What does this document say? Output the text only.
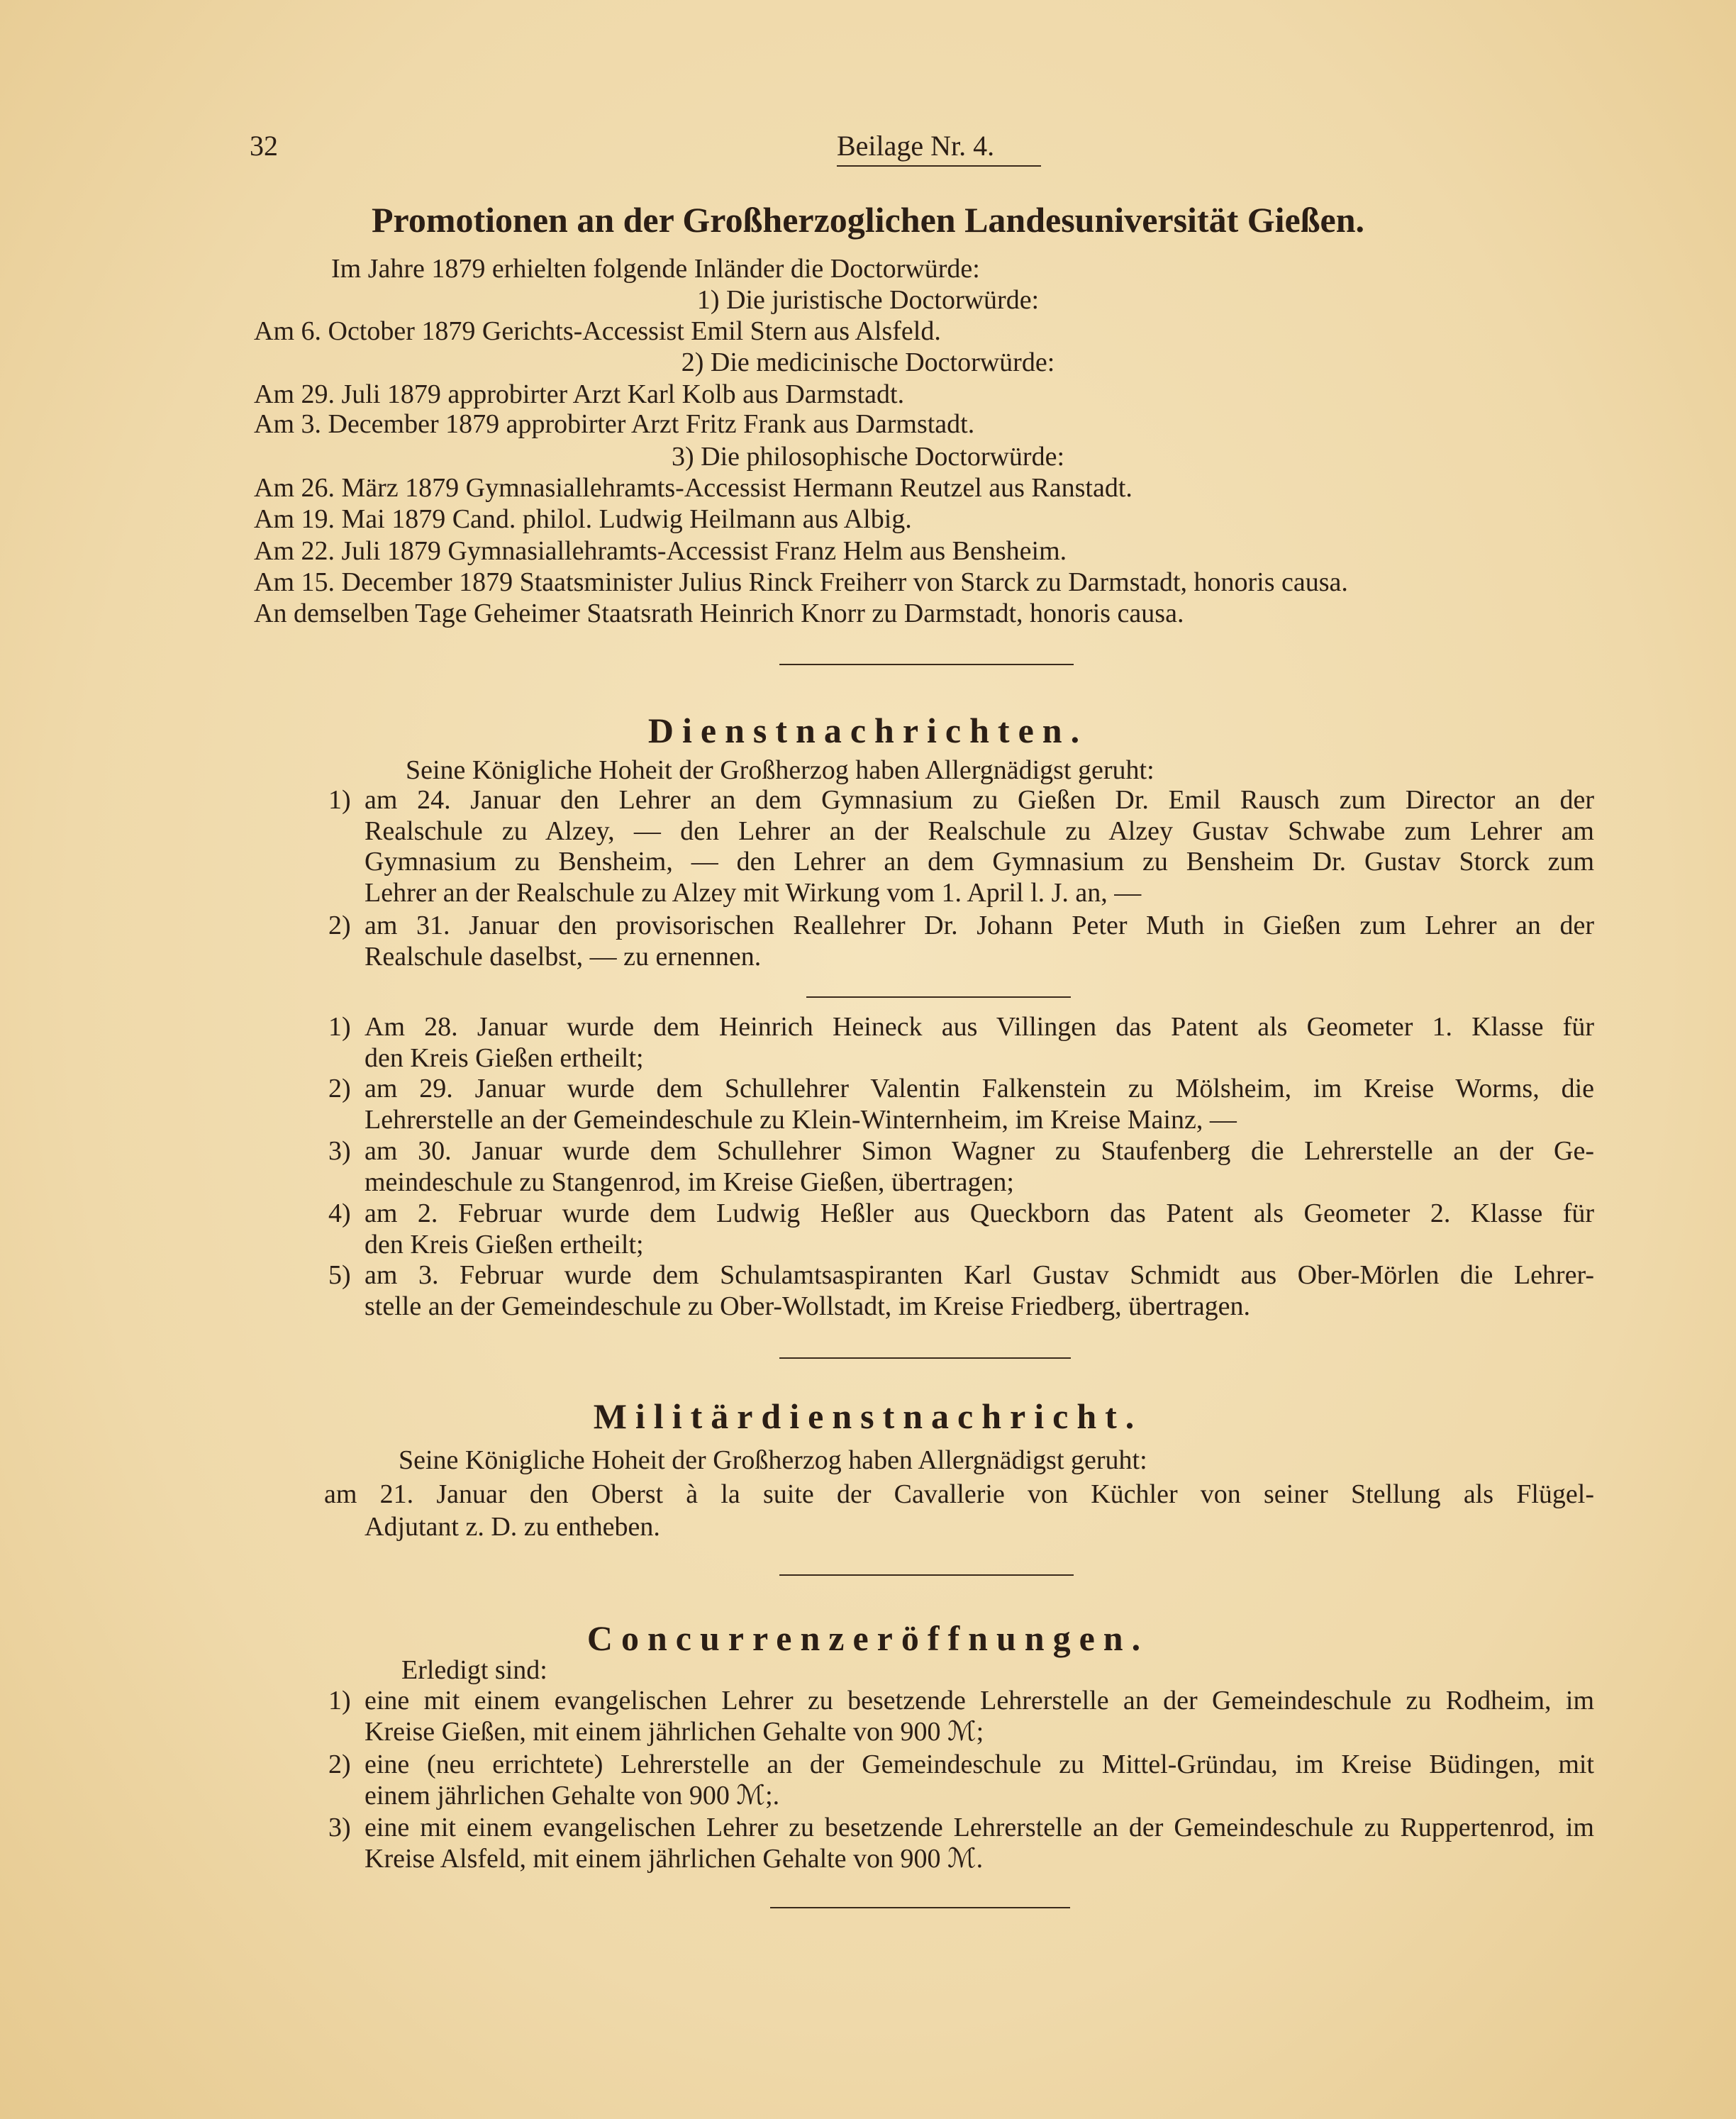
32	Beilage Nr. 4.
Promotionen an der Großherzoglichen Landesuniversität Gießen.
Im Jahre 1879 erhielten folgende Inländer die Doctorwürde:
1) Die juristische Doctorwürde:
Am 6. October 1879 Gerichts-Accessist Emil Stern aus Alsfeld.
2) Die medicinische Doctorwürde:
Am 29. Juli 1879 approbirter Arzt Karl Kolb aus Darmstadt.
Am 3. December 1879 approbirter Arzt Fritz Frank aus Darmstadt.
3) Die philosophische Doctorwürde:
Am 26. März 1879 Gymnasiallehramts-Accessist Hermann Reutzel aus Ranstadt.
Am 19. Mai 1879 Cand. philol. Ludwig Heilmann aus Albig.
Am 22. Juli 1879 Gymnasiallehramts-Accessist Franz Helm aus Bensheim.
Am 15. December 1879 Staatsminister Julius Rinck Freiherr von Starck zu Darmstadt, honoris causa.
An demselben Tage Geheimer Staatsrath Heinrich Knorr zu Darmstadt, honoris causa.
Dienstnachrichten.
Seine Königliche Hoheit der Großherzog haben Allergnädigst geruht:
1) am 24. Januar den Lehrer an dem Gymnasium zu Gießen Dr. Emil Rausch zum Director an der
Realschule zu Alzey, — den Lehrer an der Realschule zu Alzey Gustav Schwabe zum Lehrer am
Gymnasium zu Bensheim, — den Lehrer an dem Gymnasium zu Bensheim Dr. Gustav Storck zum
Lehrer an der Realschule zu Alzey mit Wirkung vom 1. April l. J. an, —
2) am 31. Januar den provisorischen Reallehrer Dr. Johann Peter Muth in Gießen zum Lehrer an der
Realschule daselbst, — zu ernennen.
1) Am 28. Januar wurde dem Heinrich Heineck aus Villingen das Patent als Geometer 1. Klasse für
den Kreis Gießen ertheilt;
2) am 29. Januar wurde dem Schullehrer Valentin Falkenstein zu Mölsheim, im Kreise Worms, die
Lehrerstelle an der Gemeindeschule zu Klein-Winternheim, im Kreise Mainz, —
3) am 30. Januar wurde dem Schullehrer Simon Wagner zu Staufenberg die Lehrerstelle an der Ge-
meindeschule zu Stangenrod, im Kreise Gießen, übertragen;
4) am 2. Februar wurde dem Ludwig Heßler aus Queckborn das Patent als Geometer 2. Klasse für
den Kreis Gießen ertheilt;
5) am 3. Februar wurde dem Schulamtsaspiranten Karl Gustav Schmidt aus Ober-Mörlen die Lehrer-
stelle an der Gemeindeschule zu Ober-Wollstadt, im Kreise Friedberg, übertragen.
Militärdienstnachricht.
Seine Königliche Hoheit der Großherzog haben Allergnädigst geruht:
am 21. Januar den Oberst à la suite der Cavallerie von Küchler von seiner Stellung als Flügel-
Adjutant z. D. zu entheben.
Concurrenzeröffnungen.
Erledigt sind:
1) eine mit einem evangelischen Lehrer zu besetzende Lehrerstelle an der Gemeindeschule zu Rodheim, im
Kreise Gießen, mit einem jährlichen Gehalte von 900 ℳ;
2) eine (neu errichtete) Lehrerstelle an der Gemeindeschule zu Mittel-Gründau, im Kreise Büdingen, mit
einem jährlichen Gehalte von 900 ℳ;.
3) eine mit einem evangelischen Lehrer zu besetzende Lehrerstelle an der Gemeindeschule zu Ruppertenrod, im
Kreise Alsfeld, mit einem jährlichen Gehalte von 900 ℳ.
